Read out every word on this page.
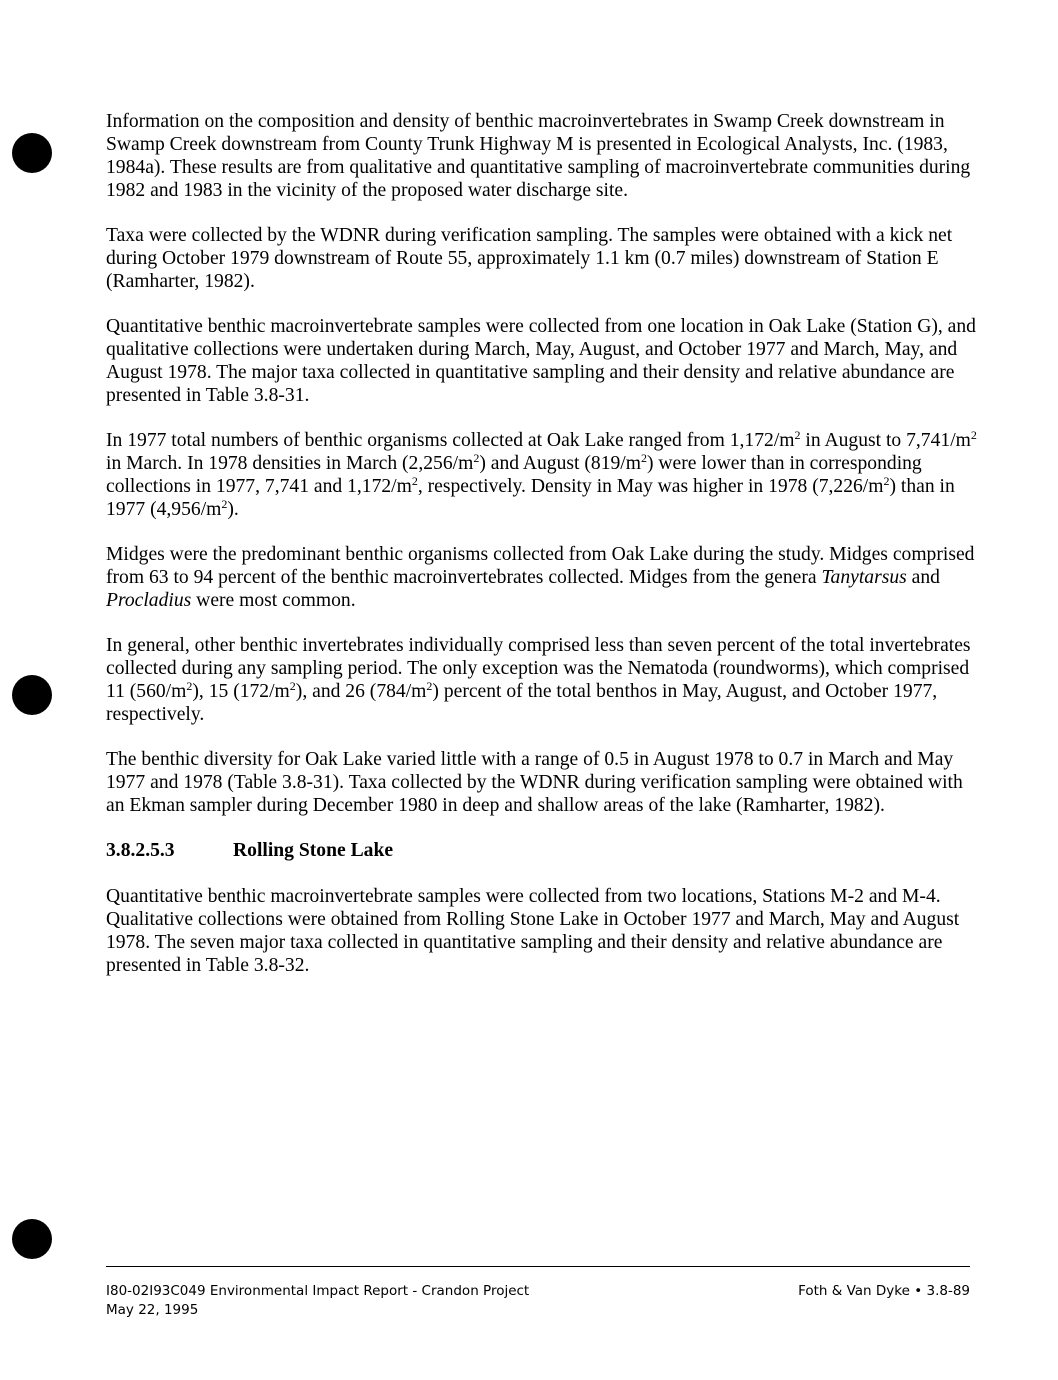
Information on the composition and density of benthic macroinvertebrates in Swamp Creek downstream in Swamp Creek downstream from County Trunk Highway M is presented in Ecological Analysts, Inc. (1983, 1984a). These results are from qualitative and quantitative sampling of macroinvertebrate communities during 1982 and 1983 in the vicinity of the proposed water discharge site.

Taxa were collected by the WDNR during verification sampling. The samples were obtained with a kick net during October 1979 downstream of Route 55, approximately 1.1 km (0.7 miles) downstream of Station E (Ramharter, 1982).

Quantitative benthic macroinvertebrate samples were collected from one location in Oak Lake (Station G), and qualitative collections were undertaken during March, May, August, and October 1977 and March, May, and August 1978. The major taxa collected in quantitative sampling and their density and relative abundance are presented in Table 3.8-31.

In 1977 total numbers of benthic organisms collected at Oak Lake ranged from $1,172/m^2$ in August to $7,741/m^2$ in March. In 1978 densities in March $(2,256/m^2)$ and August $(819/m^2)$ were lower than in corresponding collections in 1977, 7,741 and $1,172/m^2$, respectively. Density in May was higher in 1978 $(7,226/m^2)$ than in 1977 $(4,956/m^2)$.

Midges were the predominant benthic organisms collected from Oak Lake during the study. Midges comprised from 63 to 94 percent of the benthic macroinvertebrates collected. Midges from the genera Tanytarsus and Procladius were most common.

In general, other benthic invertebrates individually comprised less than seven percent of the total invertebrates collected during any sampling period. The only exception was the Nematoda (roundworms), which comprised 11 $(560/m^2)$, 15 $(172/m^2)$, and 26 $(784/m^2)$ percent of the total benthos in May, August, and October 1977, respectively.

The benthic diversity for Oak Lake varied little with a range of 0.5 in August 1978 to 0.7 in March and May 1977 and 1978 (Table 3.8-31). Taxa collected by the WDNR during verification sampling were obtained with an Ekman sampler during December 1980 in deep and shallow areas of the lake (Ramharter, 1982).

3.8.2.5.3	Rolling Stone Lake

Quantitative benthic macroinvertebrate samples were collected from two locations, Stations M-2 and M-4. Qualitative collections were obtained from Rolling Stone Lake in October 1977 and March, May and August 1978. The seven major taxa collected in quantitative sampling and their density and relative abundance are presented in Table 3.8-32.

I80-02I93C049 Environmental Impact Report - Crandon Project
May 22, 1995
Foth & Van Dyke • 3.8-89
